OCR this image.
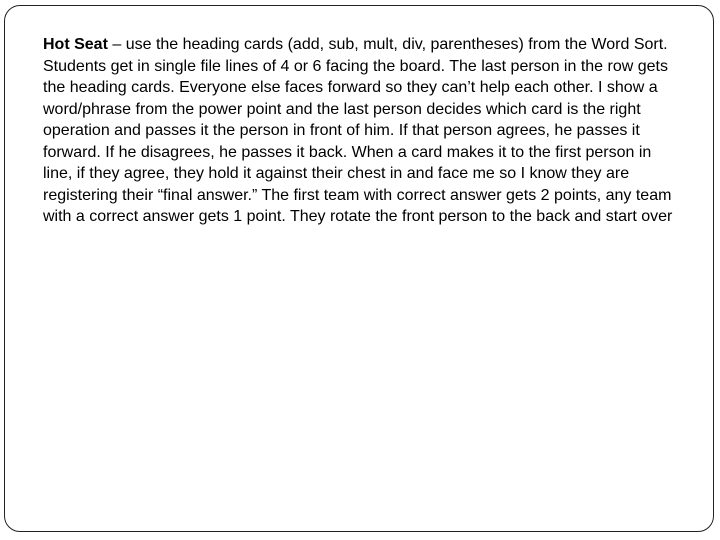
Hot Seat – use the heading cards (add, sub, mult, div, parentheses) from the Word Sort. Students get in single file lines of 4 or 6 facing the board. The last person in the row gets the heading cards. Everyone else faces forward so they can’t help each other. I show a word/phrase from the power point and the last person decides which card is the right operation and passes it the person in front of him. If that person agrees, he passes it forward. If he disagrees, he passes it back. When a card makes it to the first person in line, if they agree, they hold it against their chest in and face me so I know they are registering their “final answer.” The first team with correct answer gets 2 points, any team with a correct answer gets 1 point. They rotate the front person to the back and start over
